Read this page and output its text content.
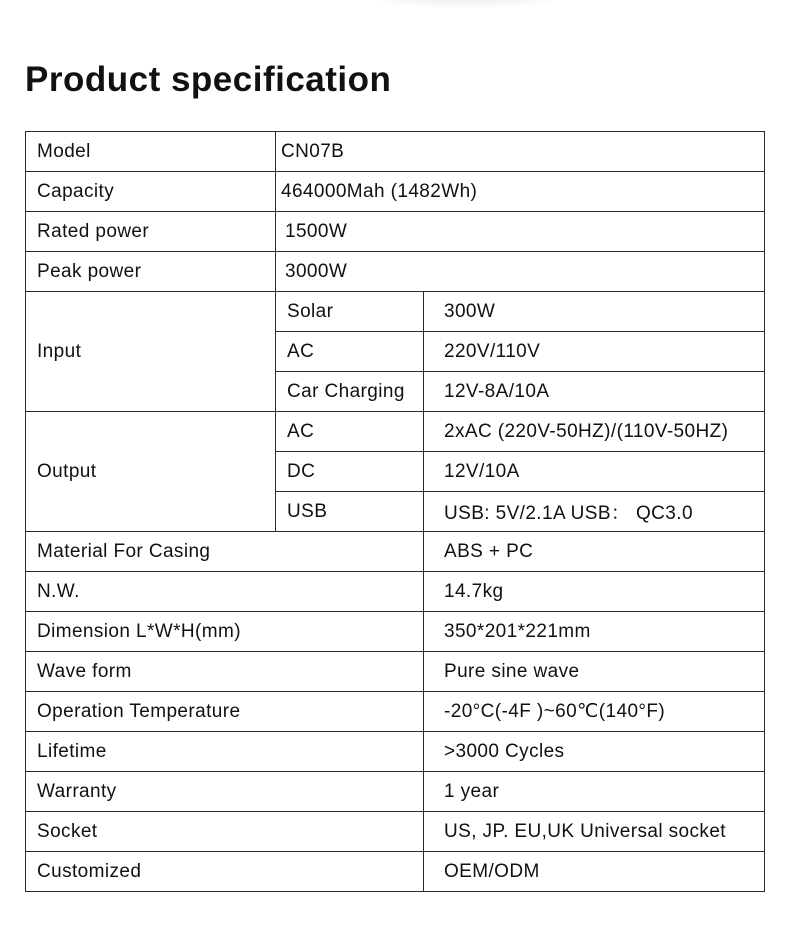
Product specification
Model	CN07B	
Capacity	464000Mah (1482Wh)	
Rated power	1500W	
Peak power	3000W	
Input	Solar	300W
	AC	220V/110V
	Car Charging	12V-8A/10A
Output	AC	2xAC (220V-50HZ)/(110V-50HZ)
	DC	12V/10A
	USB	USB: 5V/2.1A USB： QC3.0
Material For Casing		ABS + PC
N.W.		14.7kg
Dimension L*W*H(mm)		350*201*221mm
Wave form		Pure sine wave
Operation Temperature		-20°C(-4F )~60℃(140°F)
Lifetime		>3000 Cycles
Warranty		1 year
Socket		US, JP. EU,UK Universal socket
Customized		OEM/ODM
